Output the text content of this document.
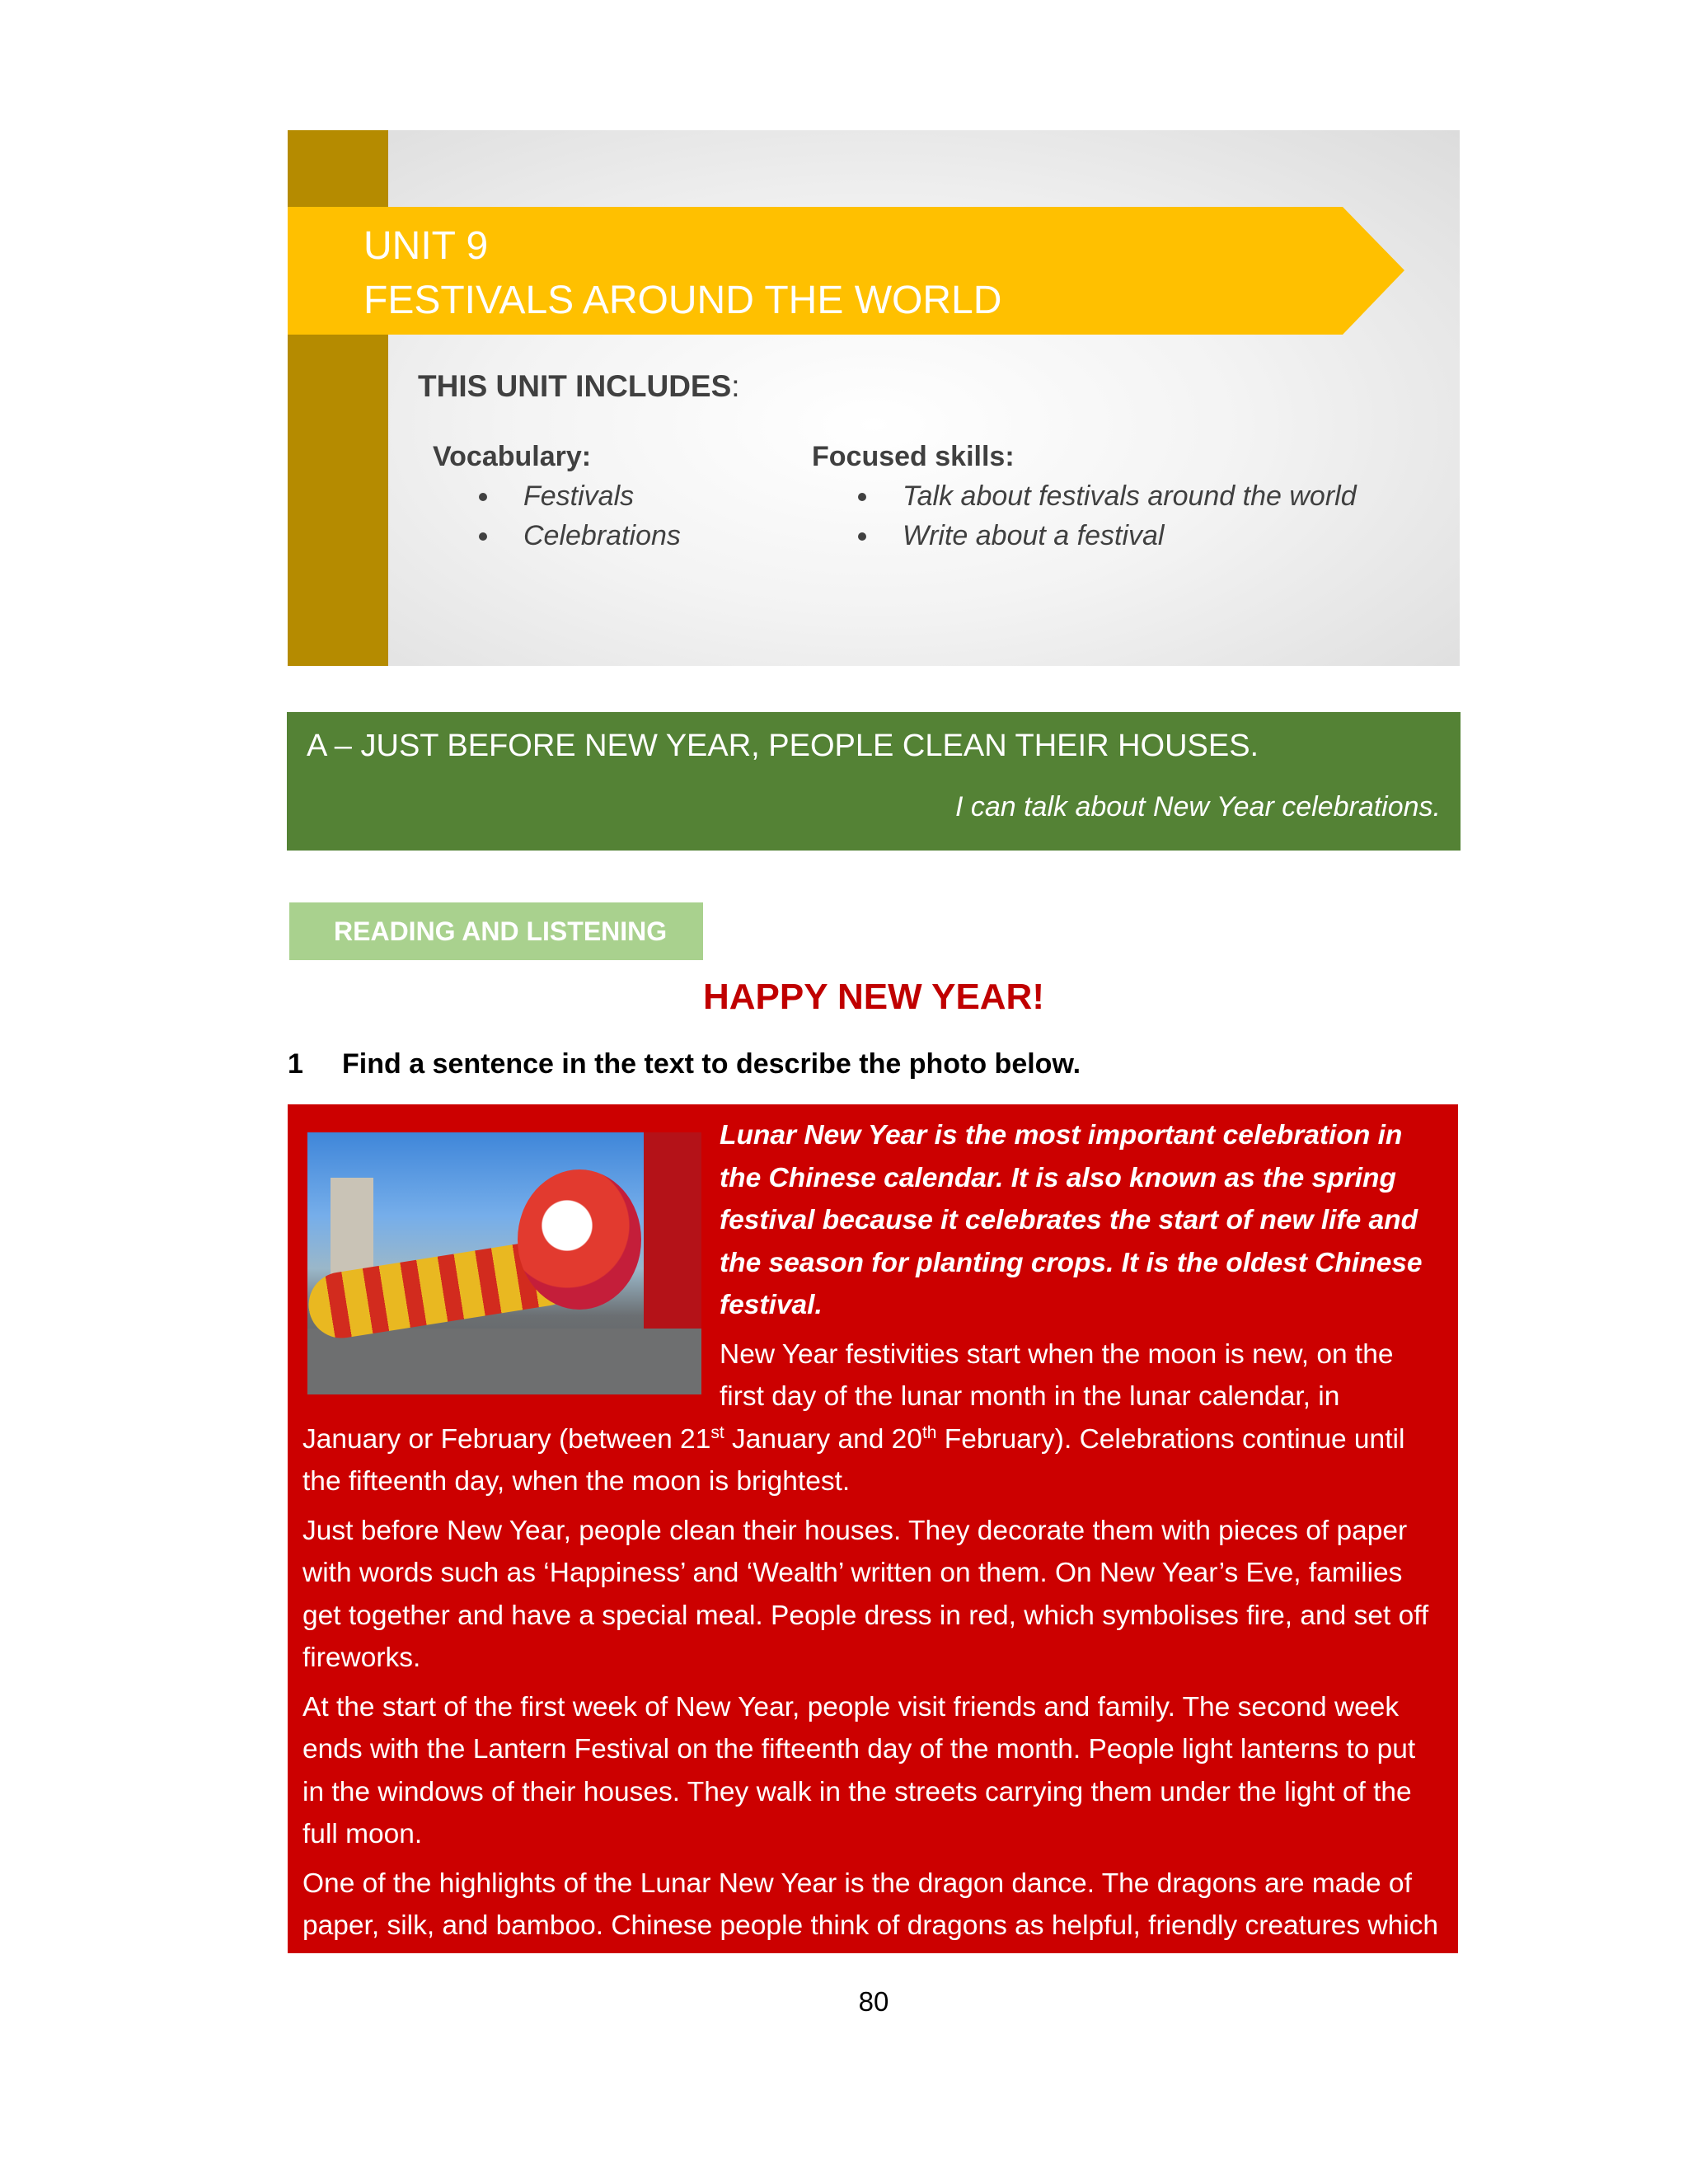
UNIT 9
FESTIVALS AROUND THE WORLD
THIS UNIT INCLUDES:
Vocabulary:
Festivals
Celebrations
Focused skills:
Talk about festivals around the world
Write about a festival
A – JUST BEFORE NEW YEAR, PEOPLE CLEAN THEIR HOUSES.
I can talk about New Year celebrations.
READING AND LISTENING
HAPPY NEW YEAR!
1 Find a sentence in the text to describe the photo below.

Lunar New Year is the most important celebration in the Chinese calendar. It is also known as the spring festival because it celebrates the start of new life and the season for planting crops. It is the oldest Chinese festival.

New Year festivities start when the moon is new, on the first day of the lunar month in the lunar calendar, in January or February (between 21st January and 20th February). Celebrations continue until the fifteenth day, when the moon is brightest.

Just before New Year, people clean their houses. They decorate them with pieces of paper with words such as ‘Happiness’ and ‘Wealth’ written on them. On New Year’s Eve, families get together and have a special meal. People dress in red, which symbolises fire, and set off fireworks.

At the start of the first week of New Year, people visit friends and family. The second week ends with the Lantern Festival on the fifteenth day of the month. People light lanterns to put in the windows of their houses. They walk in the streets carrying them under the light of the full moon.

One of the highlights of the Lunar New Year is the dragon dance. The dragons are made of paper, silk, and bamboo. Chinese people think of dragons as helpful, friendly creatures which symbolise long life and wisdom.

80
